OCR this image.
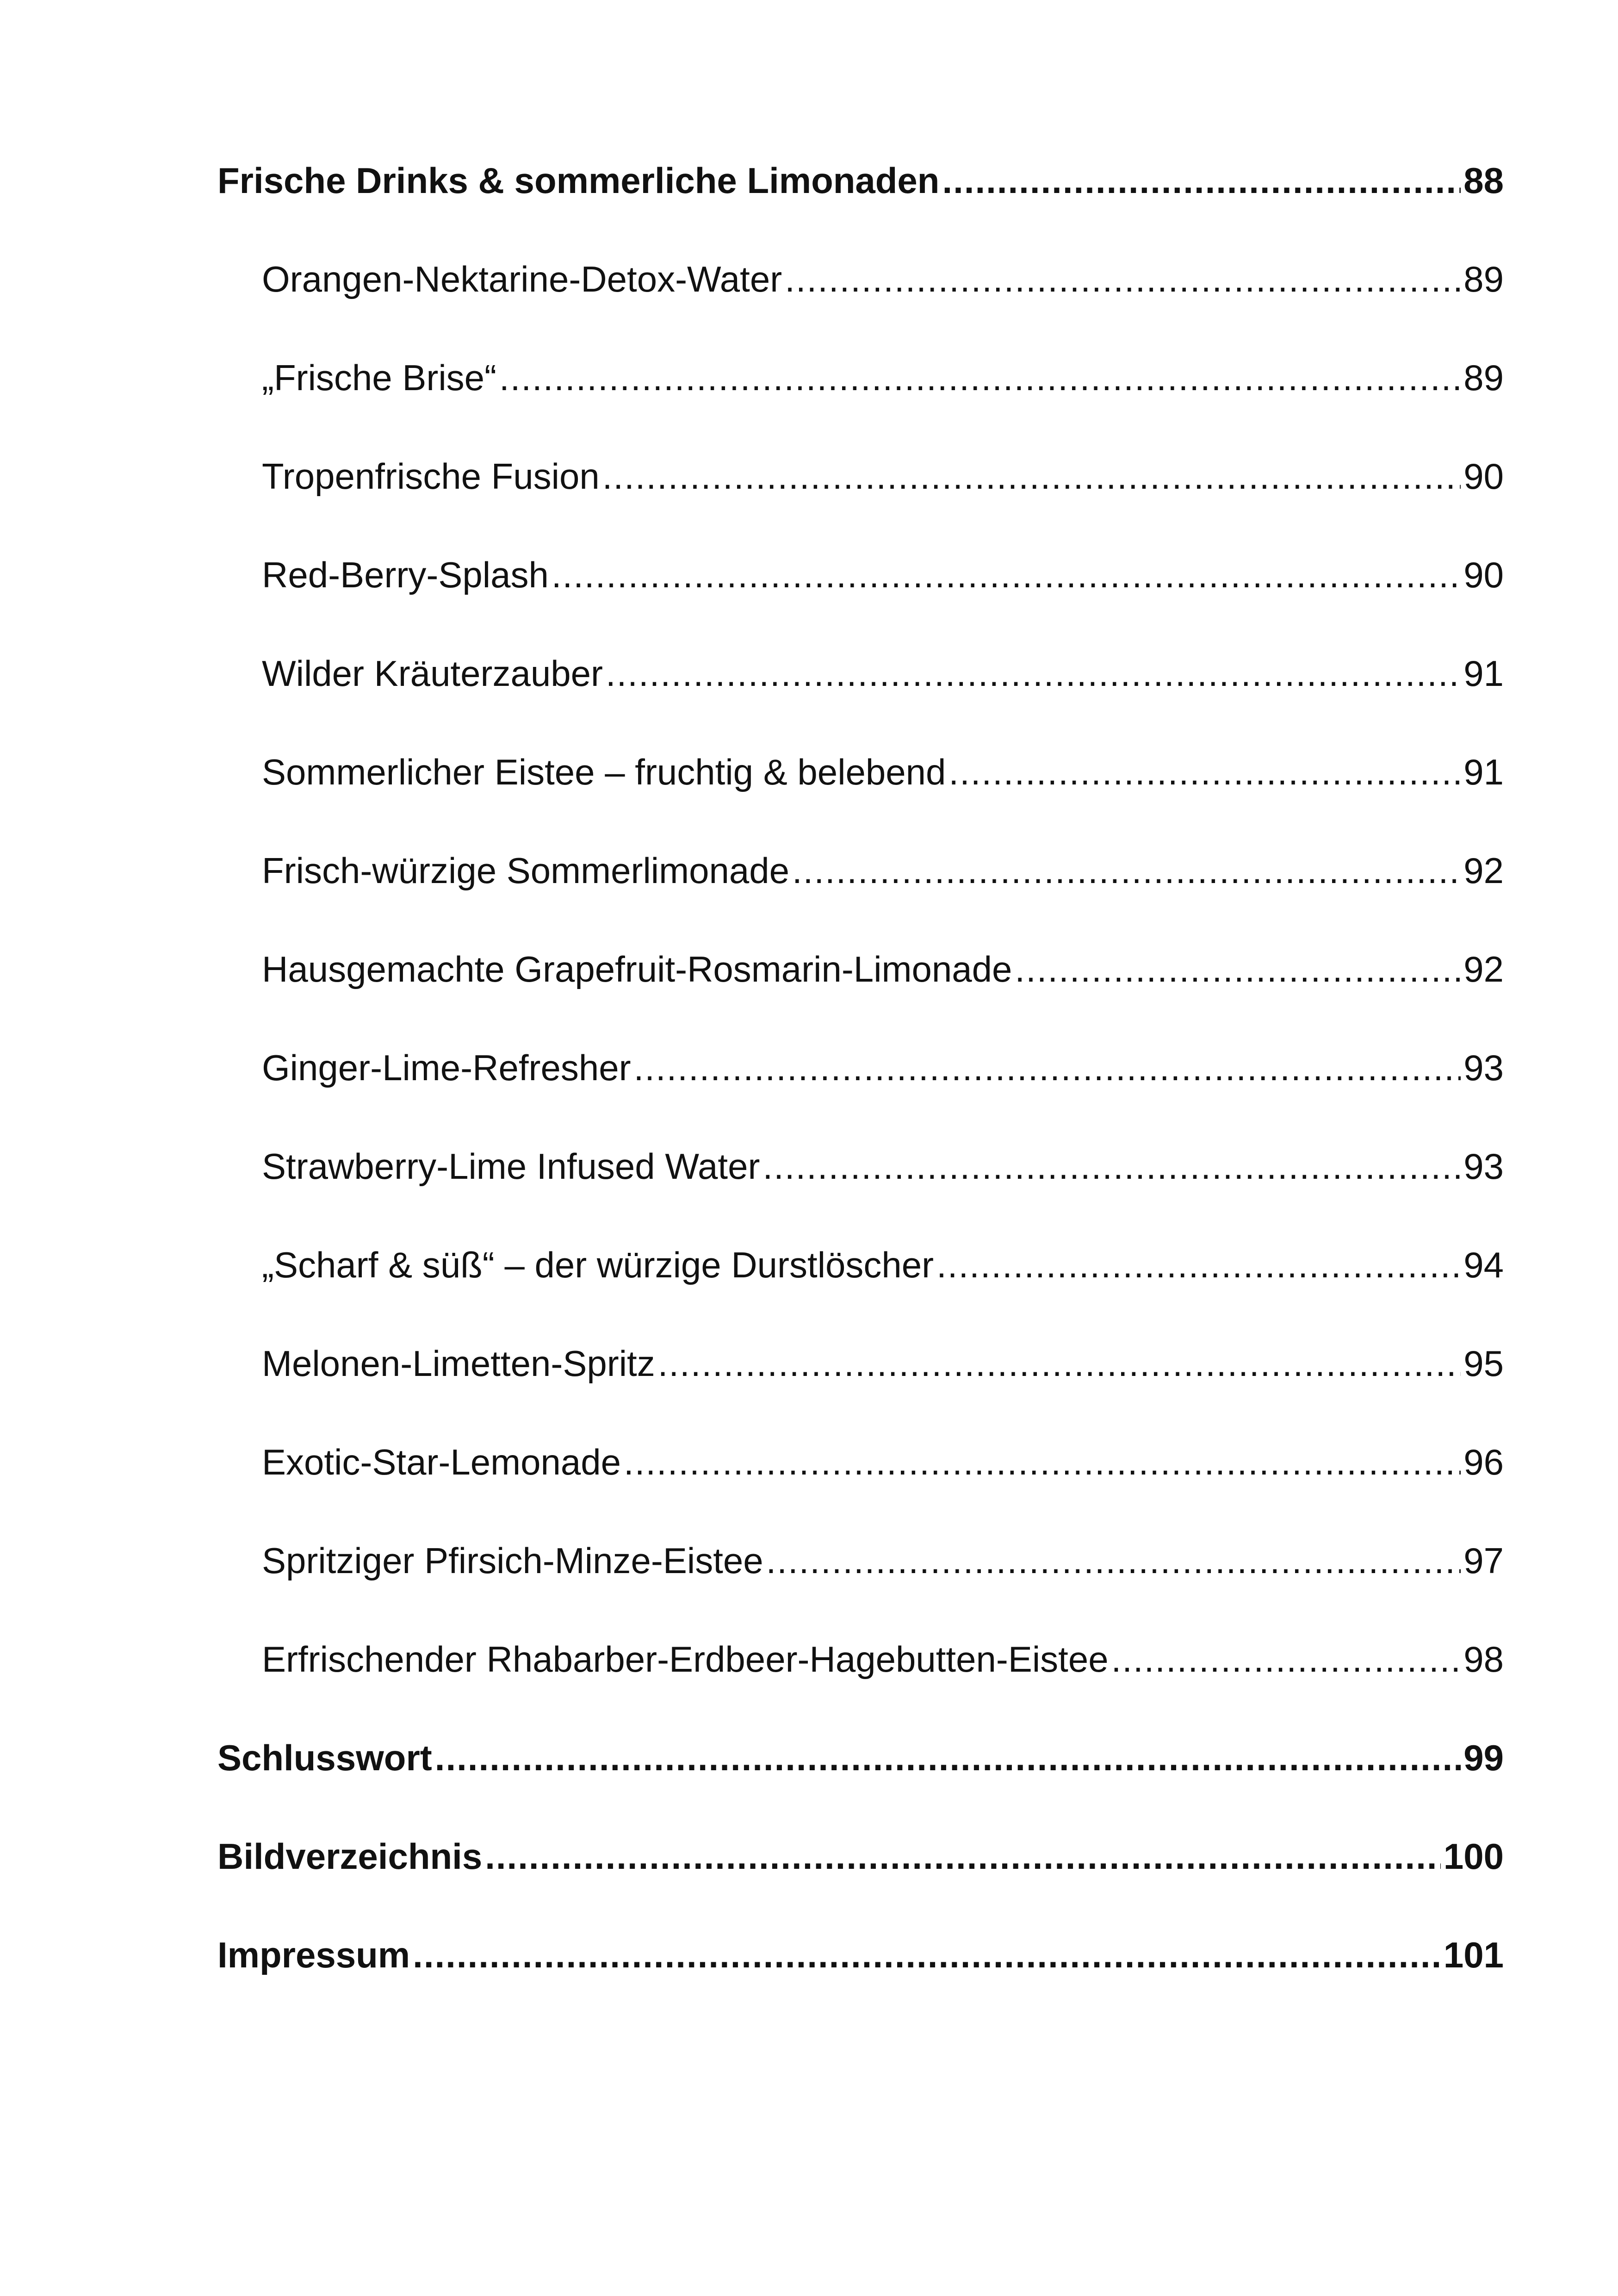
Frische Drinks & sommerliche Limonaden .....	88
Orangen-Nektarine-Detox-Water .....	89
„Frische Brise“ .....	89
Tropenfrische Fusion .....	90
Red-Berry-Splash .....	90
Wilder Kräuterzauber .....	91
Sommerlicher Eistee – fruchtig & belebend .....	91
Frisch-würzige Sommerlimonade .....	92
Hausgemachte Grapefruit-Rosmarin-Limonade .....	92
Ginger-Lime-Refresher .....	93
Strawberry-Lime Infused Water .....	93
„Scharf & süß“ – der würzige Durstlöscher .....	94
Melonen-Limetten-Spritz .....	95
Exotic-Star-Lemonade .....	96
Spritziger Pfirsich-Minze-Eistee .....	97
Erfrischender Rhabarber-Erdbeer-Hagebutten-Eistee .....	98
Schlusswort .....	99
Bildverzeichnis .....	100
Impressum .....	101
